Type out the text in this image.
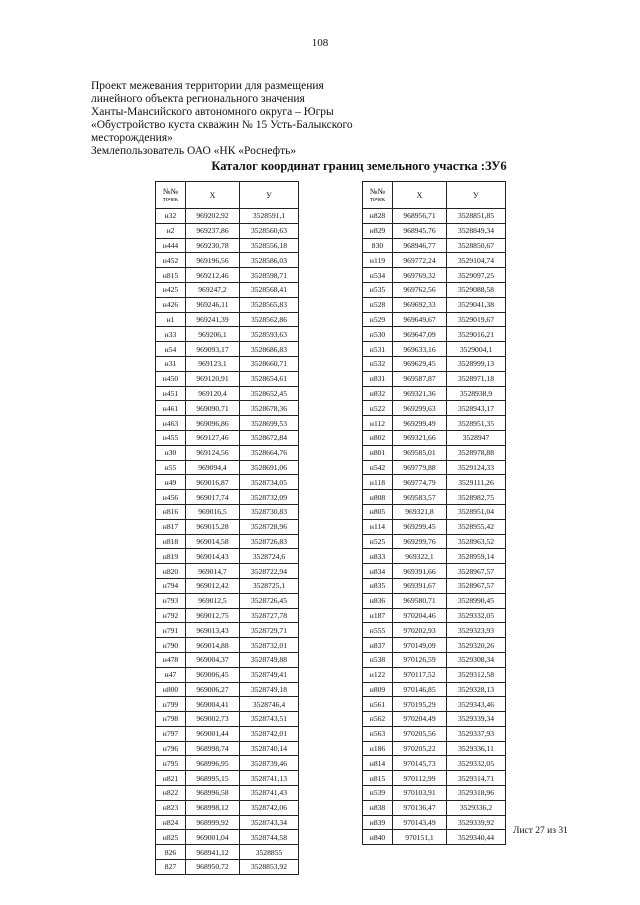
108
Проект межевания территории для размещения
линейного объекта регионального значения
Ханты-Мансийского автономного округа – Югры
«Обустройство куста скважин № 15 Усть-Балыкского
месторождения»
Землепользователь ОАО «НК «Роснефть»
Каталог координат границ земельного участка :ЗУ6
№№
точек	X	У
н32	969202,92	3528591,1
н2	969237,86	3528560,63
н444	969230,78	3528556,18
н452	969196,56	3528586,03
н815	969212,46	3528598,71
н425	969247,2	3528568,41
н426	969246,11	3528565,83
н1	969241,39	3528562,86
н33	969206,1	3528593,63
н54	969093,17	3528686,83
н31	969123,1	3528660,71
н450	969120,91	3528654,61
н451	969120,4	3528652,45
н461	969090,71	3528678,36
н463	969096,86	3528699,53
н455	969127,46	3528672,84
н30	969124,56	3528664,76
н55	969094,4	3528691,06
н49	969016,87	3528734,05
н456	969017,74	3528732,09
н816	969016,5	3528730,83
н817	969015,28	3528728,96
н818	969014,58	3528726,83
н819	969014,43	3528724,6
н820	969014,7	3528722,94
н794	969012,42	3528725,1
н793	969012,5	3528726,45
н792	969012,75	3528727,78
н791	969013,43	3528729,71
н790	969014,88	3528732,01
н478	969004,37	3528749,88
н47	969006,45	3528749,41
н800	969006,27	3528749,18
н799	969004,41	3528746,4
н798	969002,73	3528743,51
н797	969001,44	3528742,01
н796	968998,74	3528740,14
н795	968996,95	3528739,46
н821	968995,15	3528741,13
н822	968996,58	3528741,43
н823	968998,12	3528742,06
н824	968999,92	3528743,34
н825	969001,04	3528744,58
826	968941,12	3528855
827	968950,72	3528853,92
№№
точек	X	У
н828	968956,71	3528851,85
н829	968945,76	3528849,34
830	968946,77	3528850,67
н119	969772,24	3529104,74
н534	969769,32	3529097,25
н535	969762,56	3529088,58
н528	969692,33	3529041,38
н529	969649,67	3529019,67
н530	969647,09	3529016,21
н531	969633,16	3529004,1
н532	969629,45	3528999,13
н831	969587,87	3528971,18
н832	969321,36	3528938,9
н522	969299,63	3528943,17
н112	969299,49	3528951,35
н802	969321,66	3528947
н801	969585,01	3528978,88
н542	969779,88	3529124,33
н118	969774,79	3529111,26
н808	969583,57	3528982,75
н805	969321,8	3528951,04
н114	969299,45	3528955,42
н525	969299,76	3528963,52
н833	969322,1	3528959,14
н834	969391,66	3528967,57
н835	969391,67	3528967,57
н836	969580,71	3528990,45
н187	970204,46	3529332,05
н555	970202,93	3529323,93
н837	970149,09	3529320,26
н538	970126,59	3529308,34
н122	970117,52	3529312,58
н809	970146,85	3529328,13
н561	970195,29	3529343,46
н562	970204,49	3529339,34
н563	970205,56	3529337,93
н186	970205,22	3529336,11
н814	970145,73	3529332,05
н815	970112,99	3529314,71
н539	970103,91	3529318,96
н838	970136,47	3529336,2
н839	970143,49	3529339,92
н840	970151,1	3529340,44
Лист 27 из 31
